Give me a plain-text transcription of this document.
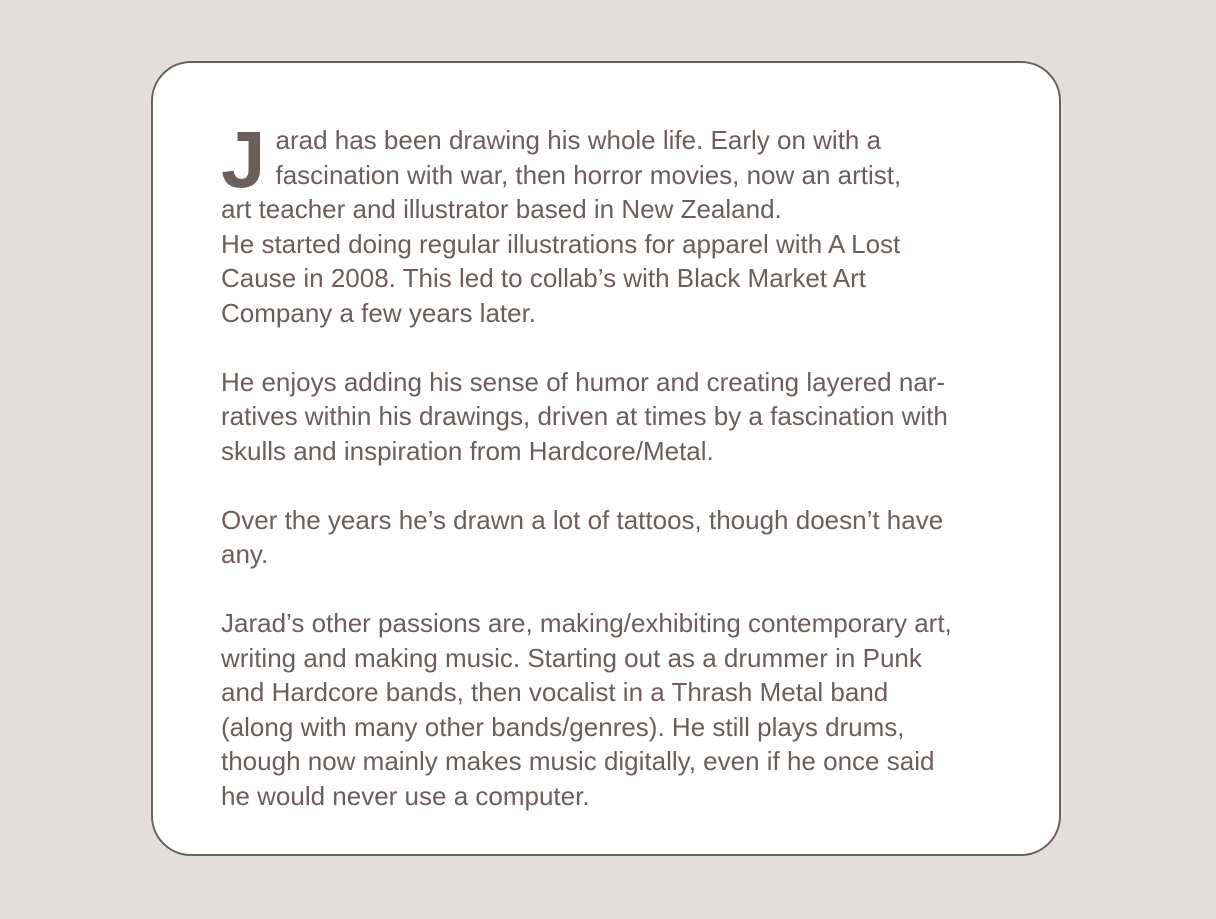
J arad has been drawing his whole life. Early on with a
fascination with war, then horror movies, now an artist,
art teacher and illustrator based in New Zealand.
He started doing regular illustrations for apparel with A Lost
Cause in 2008. This led to collab’s with Black Market Art
Company a few years later.
He enjoys adding his sense of humor and creating layered nar-
ratives within his drawings, driven at times by a fascination with
skulls and inspiration from Hardcore/Metal.
Over the years he’s drawn a lot of tattoos, though doesn’t have
any.
Jarad’s other passions are, making/exhibiting contemporary art,
writing and making music. Starting out as a drummer in Punk
and Hardcore bands, then vocalist in a Thrash Metal band
(along with many other bands/genres). He still plays drums,
though now mainly makes music digitally, even if he once said
he would never use a computer.
